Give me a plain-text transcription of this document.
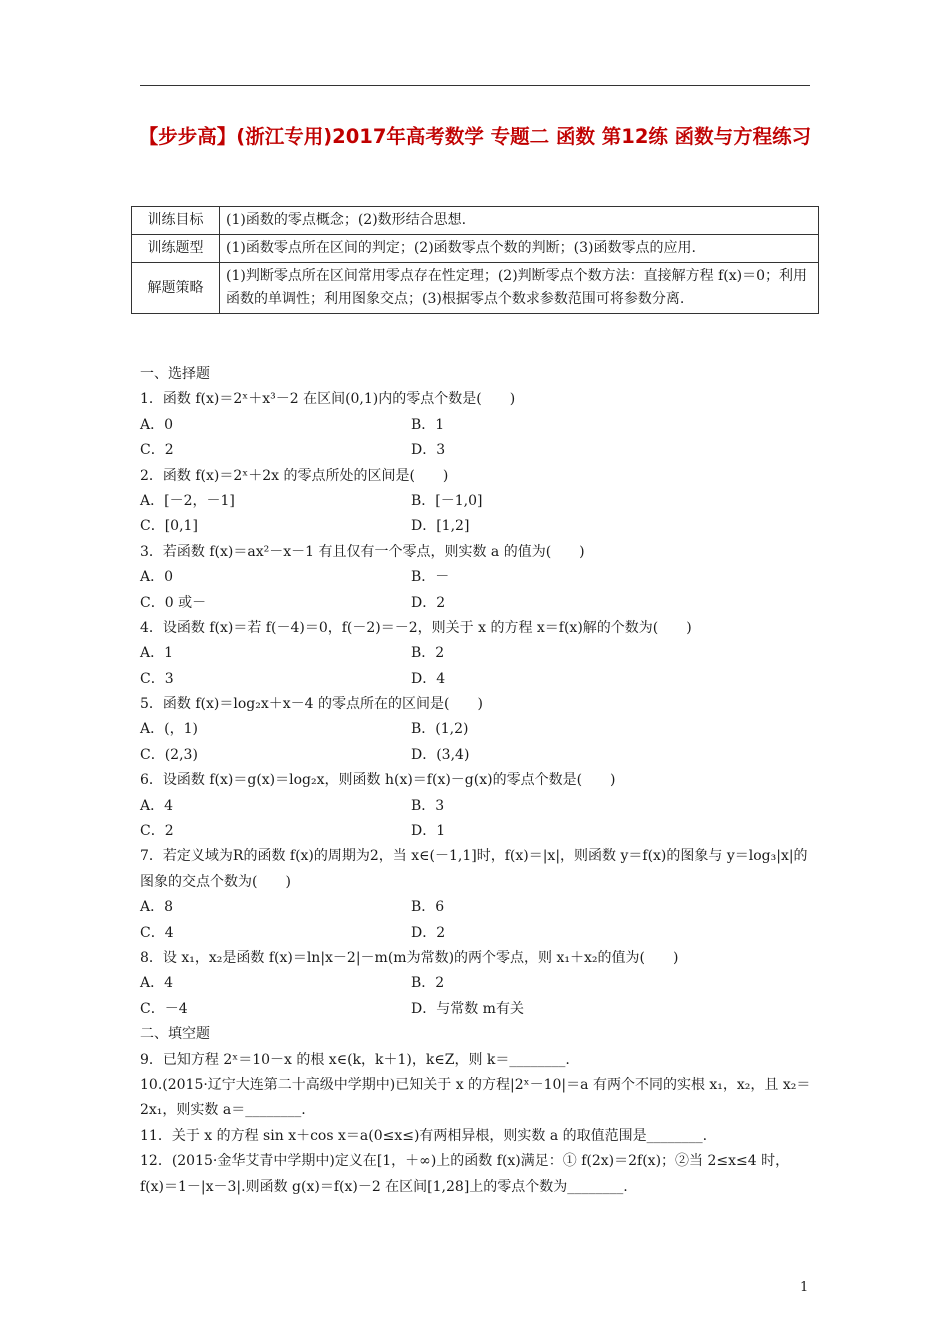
【步步高】(浙江专用)2017年高考数学 专题二 函数 第12练 函数与方程练习
训练目标	(1)函数的零点概念；(2)数形结合思想.
训练题型	(1)函数零点所在区间的判定；(2)函数零点个数的判断；(3)函数零点的应用.
解题策略	(1)判断零点所在区间常用零点存在性定理；(2)判断零点个数方法：直接解方程 f(x)＝0；利用函数的单调性；利用图象交点；(3)根据零点个数求参数范围可将参数分离.
一、选择题
1．函数 f(x)＝2ˣ＋x³－2 在区间(0,1)内的零点个数是(　　)
A．0	B．1
C．2	D．3
2．函数 f(x)＝2ˣ＋2x 的零点所处的区间是(　　)
A．[－2，－1]	B．[－1,0]
C．[0,1]	D．[1,2]
3．若函数 f(x)＝ax²－x－1 有且仅有一个零点，则实数 a 的值为(　　)
A．0	B．－
C．0 或－	D．2
4．设函数 f(x)＝若 f(－4)＝0，f(－2)＝－2，则关于 x 的方程 x＝f(x)解的个数为(　　)
A．1	B．2
C．3	D．4
5．函数 f(x)＝log₂x＋x－4 的零点所在的区间是(　　)
A．(，1)	B．(1,2)
C．(2,3)	D．(3,4)
6．设函数 f(x)＝g(x)＝log₂x，则函数 h(x)＝f(x)－g(x)的零点个数是(　　)
A．4	B．3
C．2	D．1
7．若定义域为R的函数 f(x)的周期为2，当 x∈(－1,1]时，f(x)＝|x|，则函数 y＝f(x)的图象与 y＝log₃|x|的图象的交点个数为(　　)
A．8	B．6
C．4	D．2
8．设 x₁，x₂是函数 f(x)＝ln|x－2|－m(m为常数)的两个零点，则 x₁＋x₂的值为(　　)
A．4	B．2
C．－4	D．与常数 m有关
二、填空题
9．已知方程 2ˣ＝10－x 的根 x∈(k，k＋1)，k∈Z，则 k＝________.
10.(2015·辽宁大连第二十高级中学期中)已知关于 x 的方程|2ˣ－10|＝a 有两个不同的实根 x₁，x₂，且 x₂＝2x₁，则实数 a＝________.
11．关于 x 的方程 sin x＋cos x＝a(0≤x≤)有两相异根，则实数 a 的取值范围是________.
12．(2015·金华艾青中学期中)定义在[1，＋∞)上的函数 f(x)满足：① f(2x)＝2f(x)；②当 2≤x≤4 时，f(x)＝1－|x－3|.则函数 g(x)＝f(x)－2 在区间[1,28]上的零点个数为________.
1
